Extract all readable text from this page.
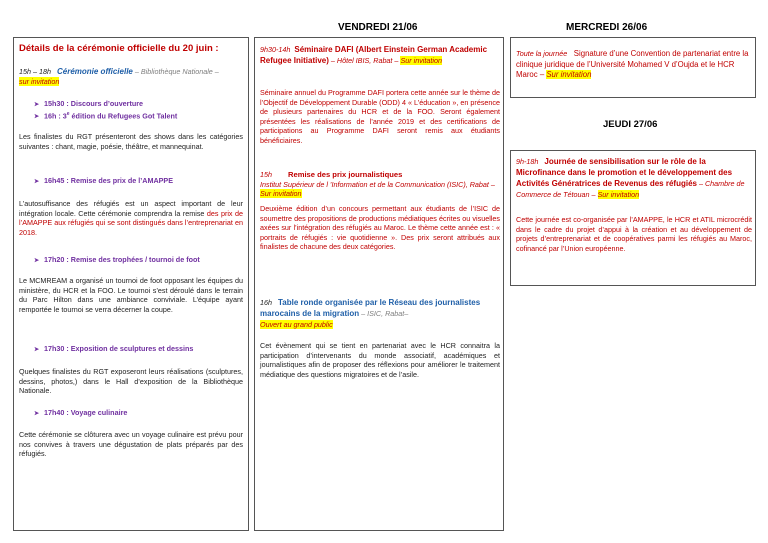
VENDREDI 21/06	MERCREDI 26/06
JEUDI 27/06
Détails de la cérémonie officielle du 20 juin :

15h – 18h Cérémonie officielle – Bibliothèque Nationale –
sur invitation

➤ 15h30 : Discours d’ouverture
➤ 16h : 3e édition du Refugees Got Talent

Les finalistes du RGT présenteront des shows dans les catégories suivantes : chant, magie, poésie, théâtre, et mannequinat.

➤ 16h45 : Remise des prix de l’AMAPPE

L’autosuffisance des réfugiés est un aspect important de leur intégration locale. Cette cérémonie comprendra la remise des prix de l’AMAPPE aux réfugiés qui se sont distingués dans l’entreprenariat en 2018.

➤ 17h20 : Remise des trophées / tournoi de foot

Le MCMREAM a organisé un tournoi de foot opposant les équipes du ministère, du HCR et la FOO. Le tournoi s’est déroulé dans le terrain du Parc Hilton dans une ambiance conviviale. L’équipe ayant remportée le tournoi se verra décerner la coupe.

➤ 17h30 : Exposition de sculptures et dessins

Quelques finalistes du RGT exposeront leurs réalisations (sculptures, dessins, photos,) dans le Hall d’exposition de la Bibliothèque Nationale.

➤ 17h40 : Voyage culinaire

Cette cérémonie se clôturera avec un voyage culinaire est prévu pour nos convives à travers une dégustation de plats préparés par des réfugiés.

9h30-14h Séminaire DAFI (Albert Einstein German Academic Refugee Initiative) – Hôtel IBIS, Rabat – Sur invitation

Séminaire annuel du Programme DAFI portera cette année sur le thème de l’Objectif de Développement Durable (ODD) 4 « L’éducation », en présence de plusieurs partenaires du HCR et de la FOO. Seront également présentées les réalisations de l’année 2019 et des certifications de participations au Programme DAFI seront remis aux étudiants bénéficiaires.

15h Remise des prix journalistiques
Institut Supérieur de l ’Information et de la Communication (ISIC), Rabat – Sur invitation

Deuxième édition d’un concours permettant aux étudiants de l’ISIC de soumettre des propositions de productions médiatiques écrites ou visuelles axées sur l’intégration des réfugiés au Maroc. Le thème cette année est : « portraits de réfugiés : vie quotidienne ». Des prix seront attribués aux finalistes de chacune des deux catégories.

16h Table ronde organisée par le Réseau des journalistes marocains de la migration – ISIC, Rabat–
Ouvert au grand public

Cet évènement qui se tient en partenariat avec le HCR connaitra la participation d’intervenants du monde associatif, académiques et journalistiques afin de proposer des réflexions pour améliorer le traitement médiatique des questions migratoires et de l’asile.

Toute la journée Signature d’une Convention de partenariat entre la clinique juridique de l’Université Mohamed V d’Oujda et le HCR Maroc – Sur invitation

9h-18h Journée de sensibilisation sur le rôle de la Microfinance dans le promotion et le développement des Activités Génératrices de Revenus des réfugiés – Chambre de Commerce de Tétouan – Sur invitation

Cette journée est co-organisée par l’AMAPPE, le HCR et ATIL microcrédit dans le cadre du projet d’appui à la création et au développement de projets d’entreprenariat et de coopératives parmi les réfugiés au Maroc, cofinancé par l’Union européenne.
